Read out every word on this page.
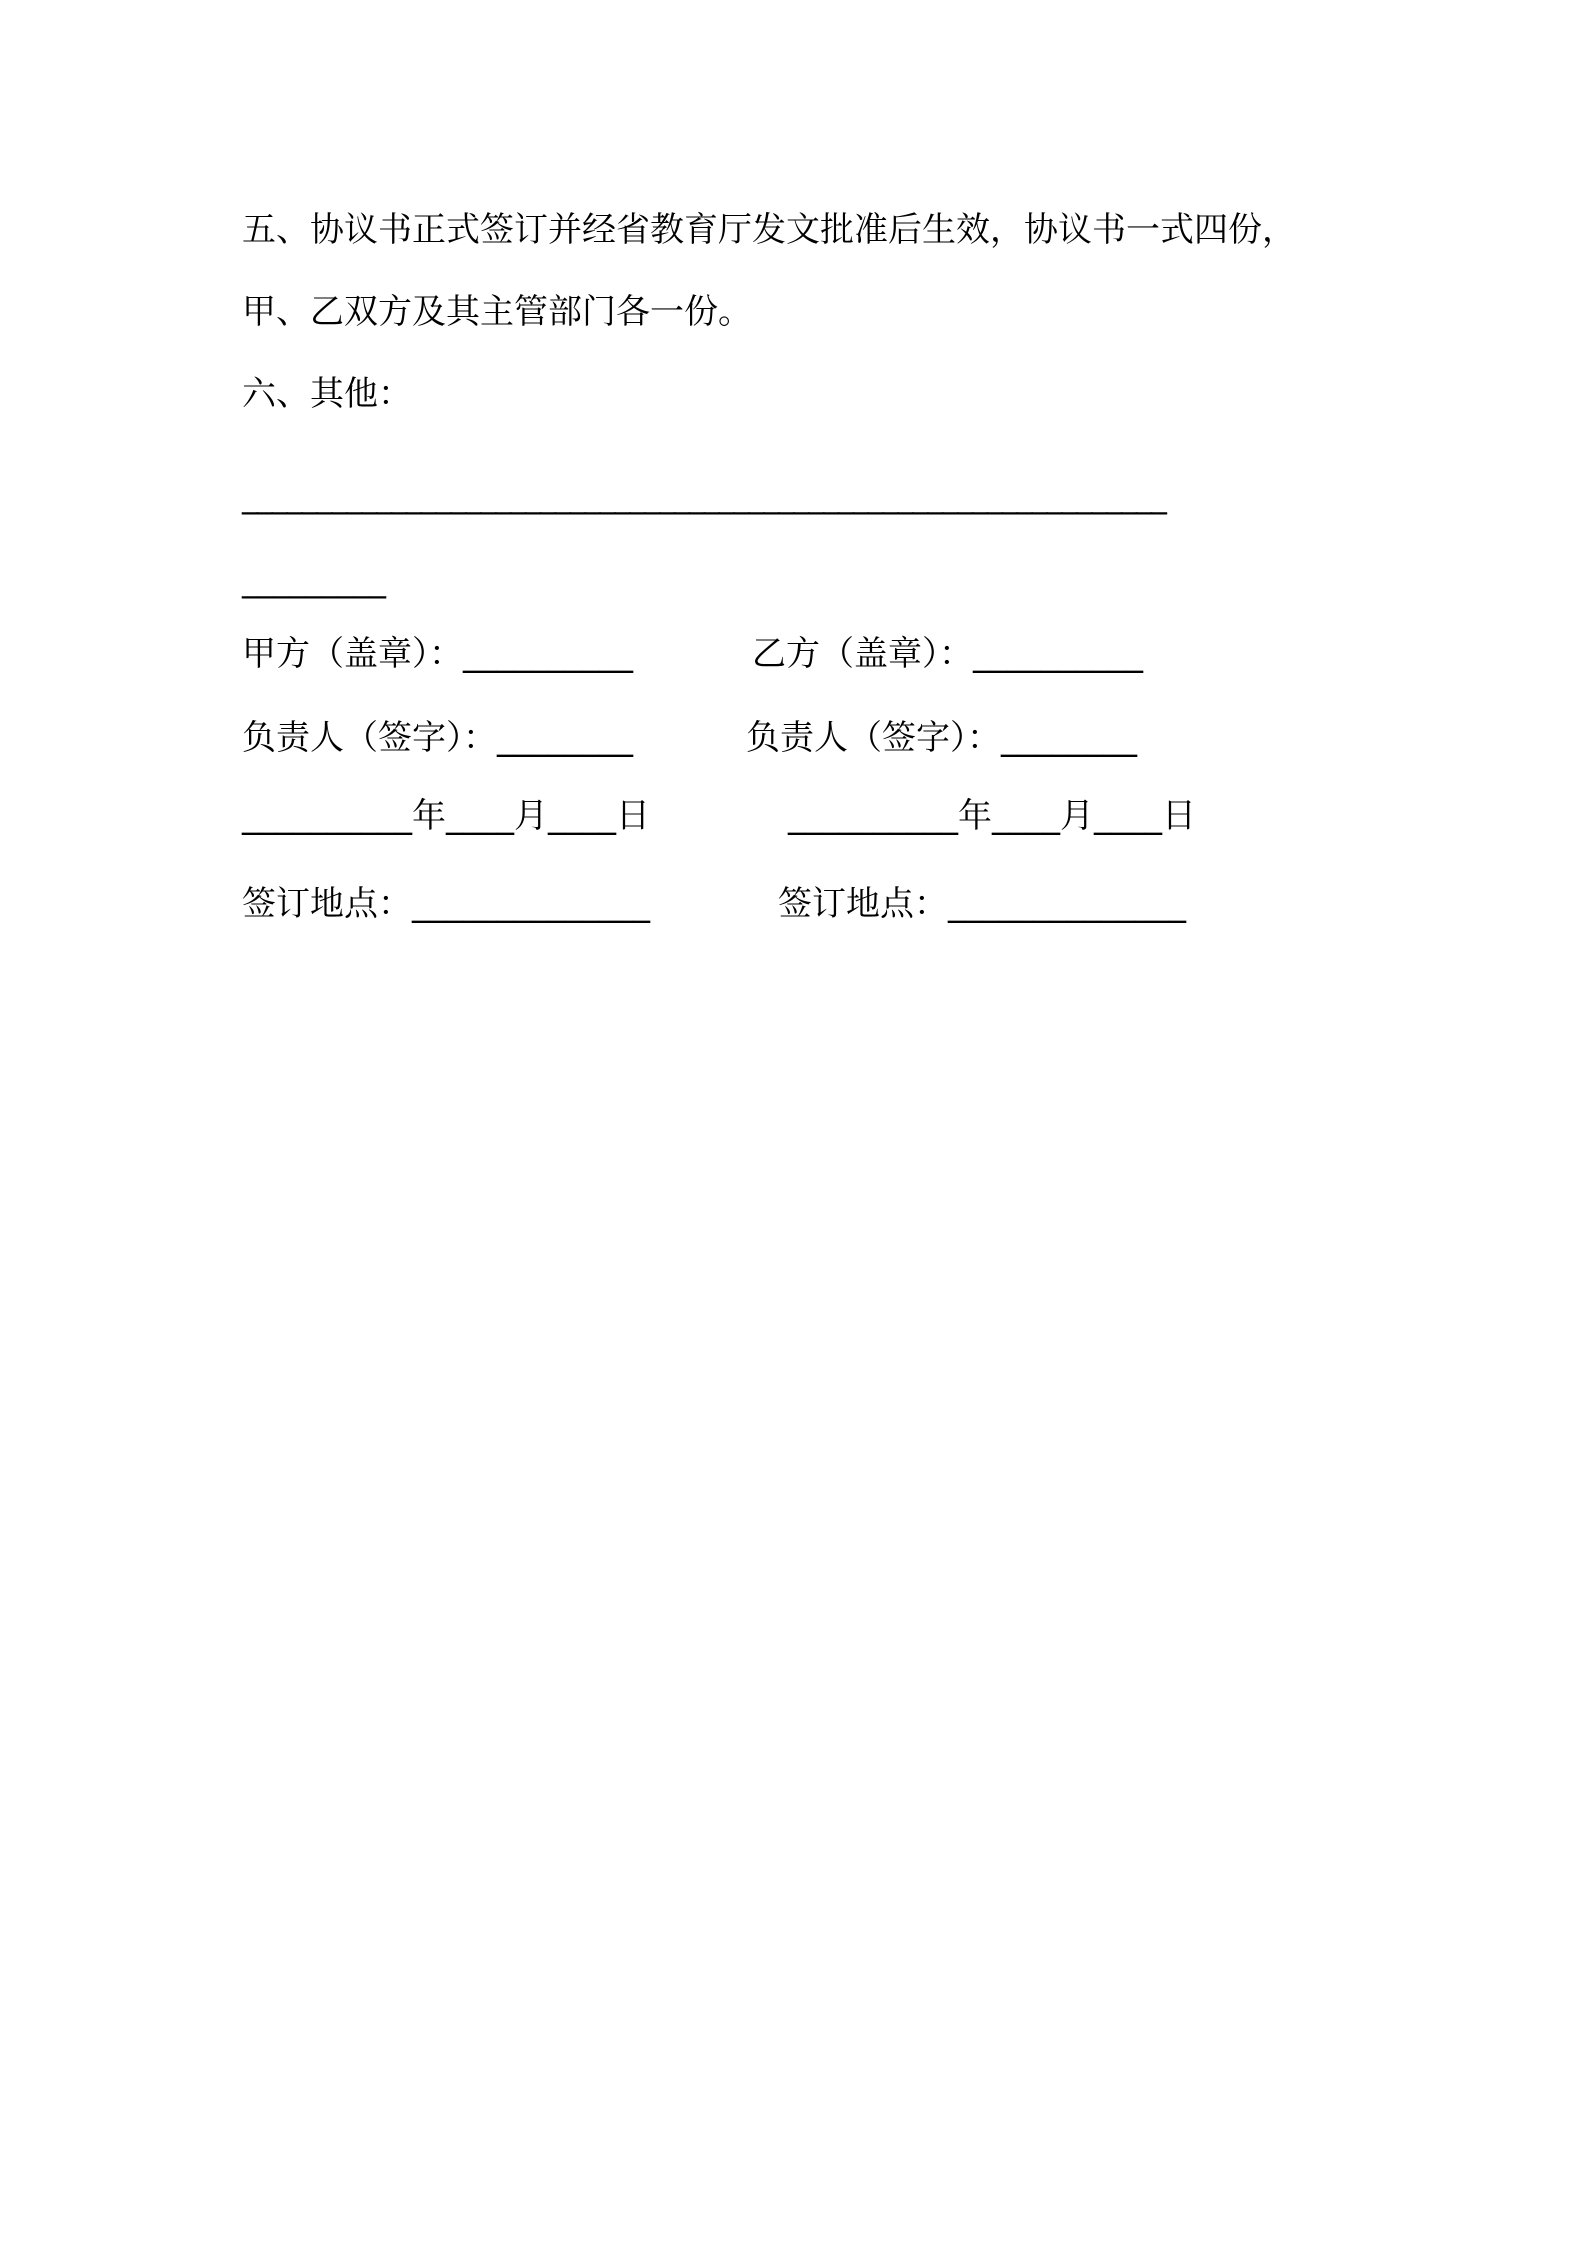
五、协议书正式签订并经省教育厅发文批准后生效，协议书一式四份，
甲、乙双方及其主管部门各一份。
六、其他：
______________________________________________________________
_________
甲方（盖章）：__________	乙方（盖章）：__________
负责人（签字）：________	负责人（签字）：________
__________年____月____日	__________年____月____日
签订地点：______________	签订地点：______________
